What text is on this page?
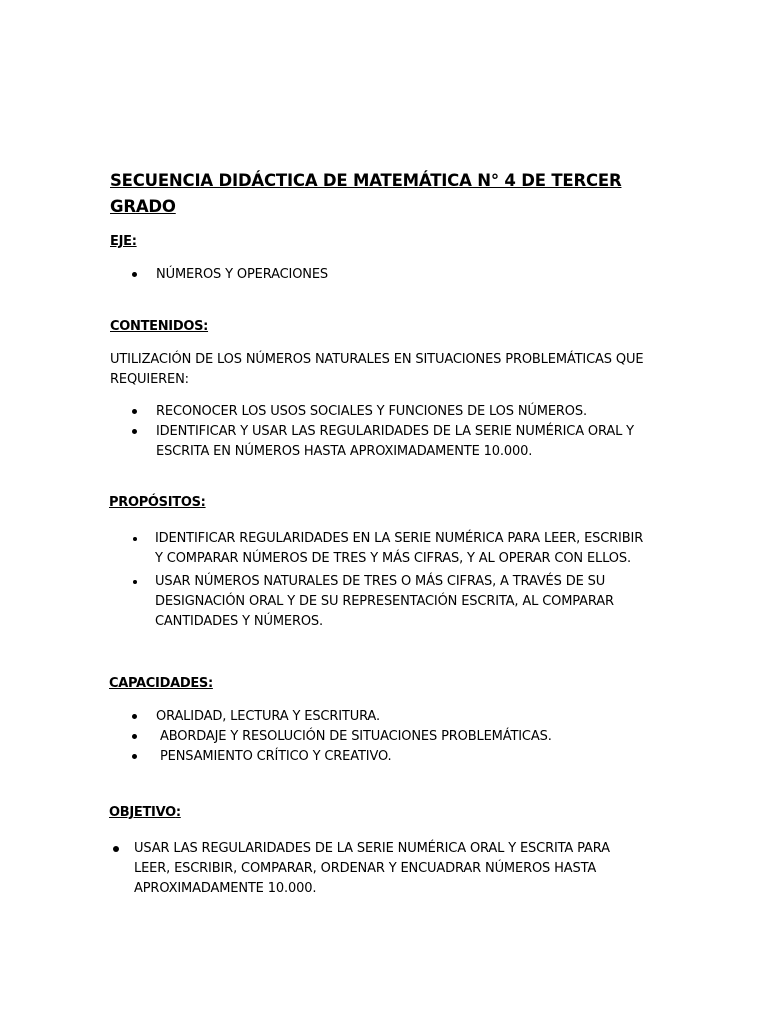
SECUENCIA DIDÁCTICA DE MATEMÁTICA N° 4 DE TERCER GRADO
EJE:
NÚMEROS Y OPERACIONES
CONTENIDOS:

UTILIZACIÓN DE LOS NÚMEROS NATURALES EN SITUACIONES PROBLEMÁTICAS QUE REQUIEREN:

RECONOCER LOS USOS SOCIALES Y FUNCIONES DE LOS NÚMEROS.
IDENTIFICAR Y USAR LAS REGULARIDADES DE LA SERIE NUMÉRICA ORAL Y ESCRITA EN NÚMEROS HASTA APROXIMADAMENTE 10.000.
PROPÓSITOS:
IDENTIFICAR REGULARIDADES EN LA SERIE NUMÉRICA PARA LEER, ESCRIBIR Y COMPARAR NÚMEROS DE TRES Y MÁS CIFRAS, Y AL OPERAR CON ELLOS.
USAR NÚMEROS NATURALES DE TRES O MÁS CIFRAS, A TRAVÉS DE SU DESIGNACIÓN ORAL Y DE SU REPRESENTACIÓN ESCRITA, AL COMPARAR CANTIDADES Y NÚMEROS.
CAPACIDADES:
ORALIDAD, LECTURA Y ESCRITURA.
ABORDAJE Y RESOLUCIÓN DE SITUACIONES PROBLEMÁTICAS.
PENSAMIENTO CRÍTICO Y CREATIVO.
OBJETIVO:
USAR LAS REGULARIDADES DE LA SERIE NUMÉRICA ORAL Y ESCRITA PARA LEER, ESCRIBIR, COMPARAR, ORDENAR Y ENCUADRAR NÚMEROS HASTA APROXIMADAMENTE 10.000.
